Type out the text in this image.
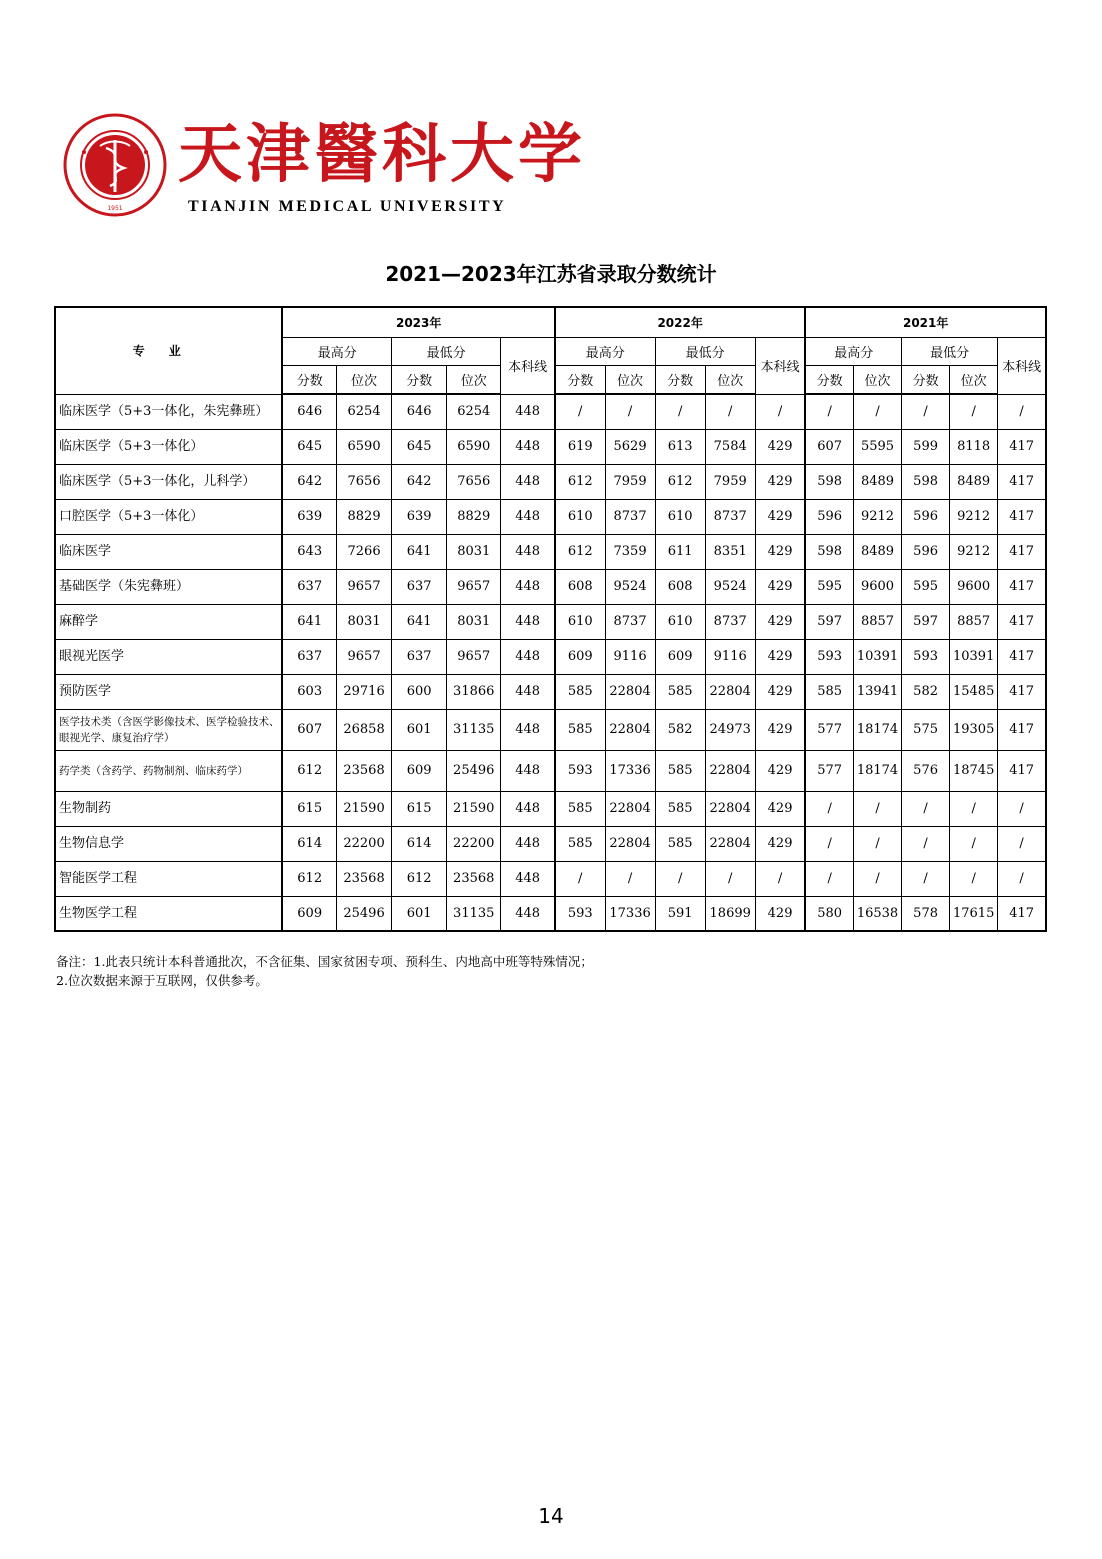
1951
天津醫科大学
TIANJIN MEDICAL UNIVERSITY
2021—2023年江苏省录取分数统计
专业	2023年					2022年					2021年				
	最高分		最低分		本科线	最高分		最低分		本科线	最高分		最低分		本科线
	分数	位次	分数	位次		分数	位次	分数	位次		分数	位次	分数	位次	
临床医学（5+3一体化，朱宪彝班）	646	6254	646	6254	448	/	/	/	/	/	/	/	/	/	/
临床医学（5+3一体化）	645	6590	645	6590	448	619	5629	613	7584	429	607	5595	599	8118	417
临床医学（5+3一体化，儿科学）	642	7656	642	7656	448	612	7959	612	7959	429	598	8489	598	8489	417
口腔医学（5+3一体化）	639	8829	639	8829	448	610	8737	610	8737	429	596	9212	596	9212	417
临床医学	643	7266	641	8031	448	612	7359	611	8351	429	598	8489	596	9212	417
基础医学（朱宪彝班）	637	9657	637	9657	448	608	9524	608	9524	429	595	9600	595	9600	417
麻醉学	641	8031	641	8031	448	610	8737	610	8737	429	597	8857	597	8857	417
眼视光医学	637	9657	637	9657	448	609	9116	609	9116	429	593	10391	593	10391	417
预防医学	603	29716	600	31866	448	585	22804	585	22804	429	585	13941	582	15485	417
医学技术类（含医学影像技术、医学检验技术、眼视光学、康复治疗学）	607	26858	601	31135	448	585	22804	582	24973	429	577	18174	575	19305	417
药学类（含药学、药物制剂、临床药学）	612	23568	609	25496	448	593	17336	585	22804	429	577	18174	576	18745	417
生物制药	615	21590	615	21590	448	585	22804	585	22804	429	/	/	/	/	/
生物信息学	614	22200	614	22200	448	585	22804	585	22804	429	/	/	/	/	/
智能医学工程	612	23568	612	23568	448	/	/	/	/	/	/	/	/	/	/
生物医学工程	609	25496	601	31135	448	593	17336	591	18699	429	580	16538	578	17615	417
备注：1.此表只统计本科普通批次，不含征集、国家贫困专项、预科生、内地高中班等特殊情况；
2.位次数据来源于互联网，仅供参考。
14
